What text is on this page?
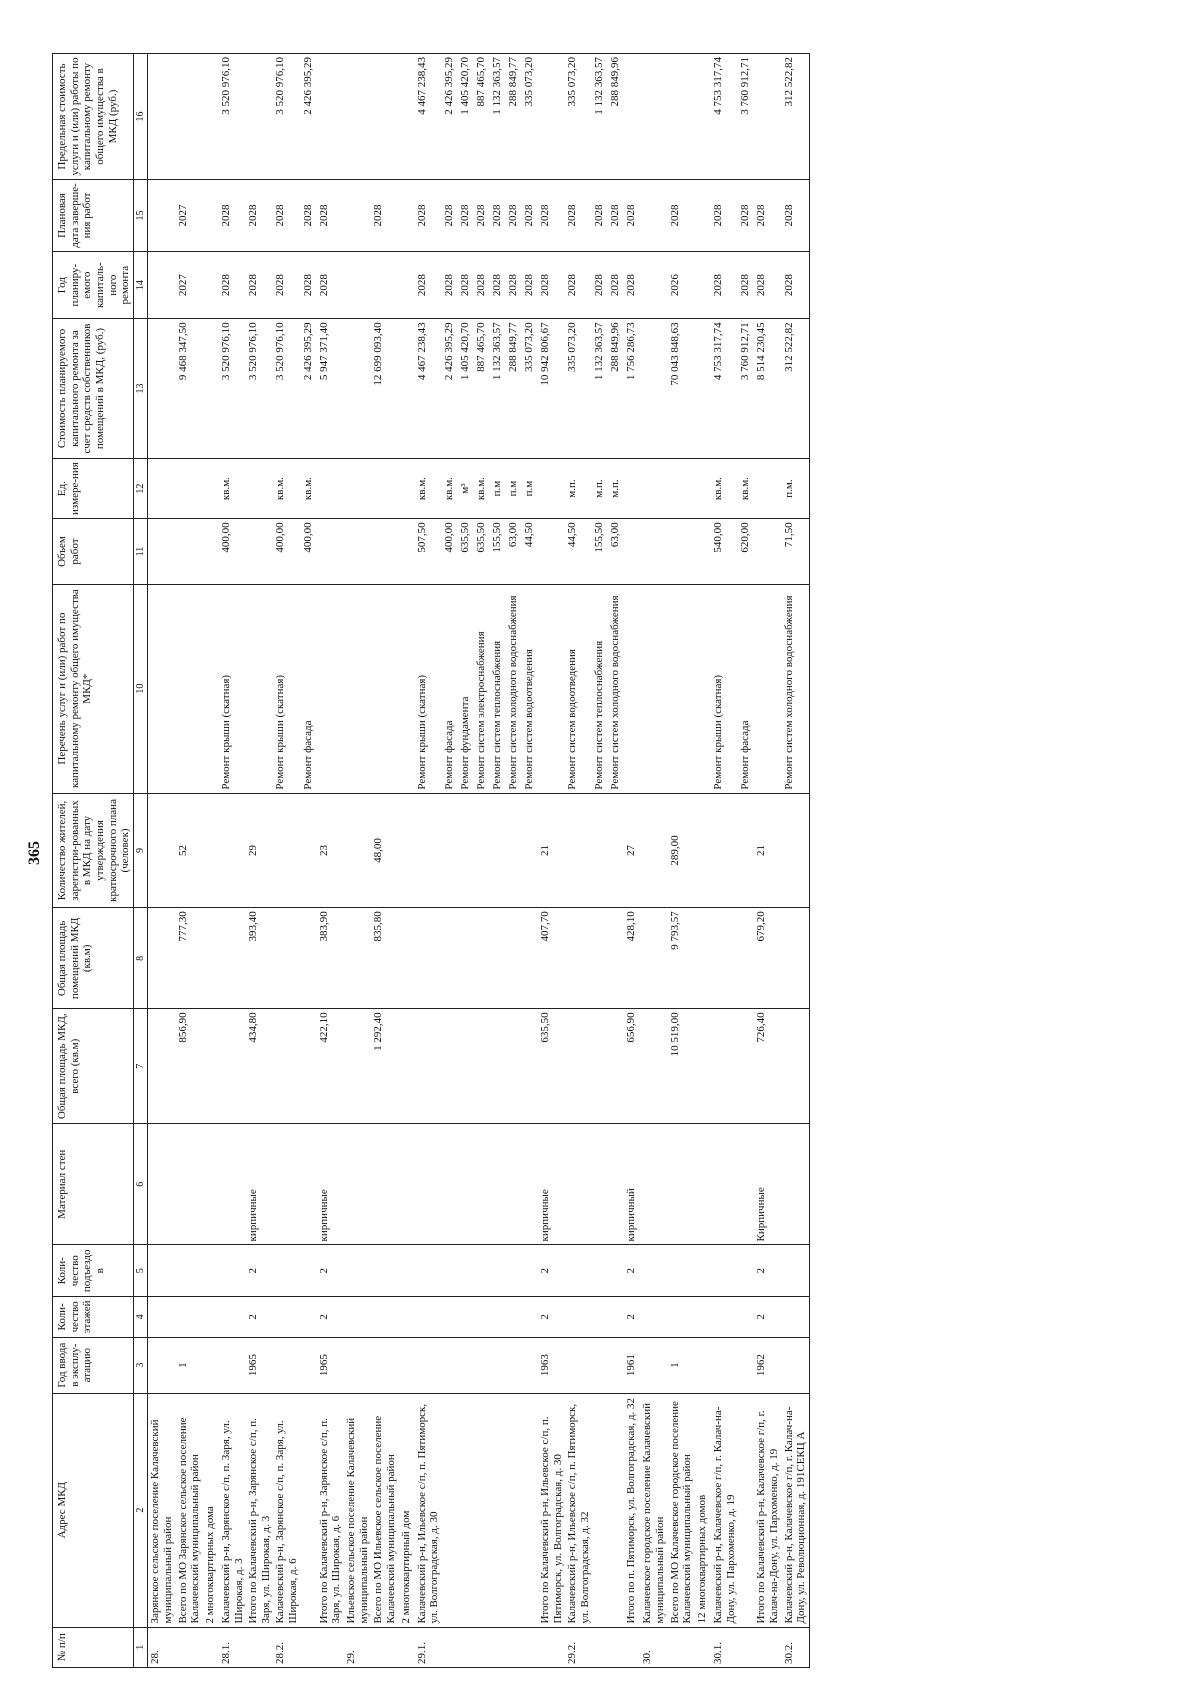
365
№ п/п	Адрес МКД	Год ввода в эксплу-атацию	Коли-чество этажей	Коли-чество подъездов	Материал стен	Общая площадь МКД, всего (кв.м)	Общая площадь помещений МКД (кв.м)	Количество жителей, зарегистри-рованных в МКД на дату утверждения краткосрочного плана (человек)	Перечень услуг и (или) работ по капитальному ремонту общего имущества МКД*	Объем работ	Ед. измере-ния	Стоимость планируемого капитального ремонта за счет средств собственников помещений в МКД, (руб.)	Год планиру-емого капиталь-ного ремонта	Плановая дата заверше-ния работ	Предельная стоимость услуги и (или) работы по капитальному ремонту общего имущества в МКД (руб.)
1	2	3	4	5	6	7	8	9	10	11	12	13	14	15	16
28.	Зарянское сельское поселение Калачевский муниципальный район														
	Всего по МО Зарянское сельское поселение Калачевский муниципальный район	1				856,90	777,30	52				9 468 347,50	2027	2027	
	2 многоквартирных дома														
28.1.	Калачевский р-н, Зарянское с/п, п. Заря, ул. Широкая, д. 3								Ремонт крыши (скатная)	400,00	кв.м.	3 520 976,10	2028	2028	3 520 976,10
	Итого по Калачевский р-н, Зарянское с/п, п. Заря, ул. Широкая, д. 3	1965	2	2	кирпичные	434,80	393,40	29				3 520 976,10	2028	2028	
28.2.	Калачевский р-н, Зарянское с/п, п. Заря, ул. Широкая, д. 6								Ремонт крыши (скатная)	400,00	кв.м.	3 520 976,10	2028	2028	3 520 976,10
									Ремонт фасада	400,00	кв.м.	2 426 395,29	2028	2028	2 426 395,29
	Итого по Калачевский р-н, Зарянское с/п, п. Заря, ул. Широкая, д. 6	1965	2	2	кирпичные	422,10	383,90	23				5 947 371,40	2028	2028	
29.	Ильевское сельское поселение Калачевский муниципальный район														
	Всего по МО Ильевское сельское поселение Калачевский муниципальный район					1 292,40	835,80	48,00				12 699 093,40		2028	
	2 многоквартирный дом														
29.1.	Калачевский р-н, Ильевское с/п, п. Пятиморск, ул. Волгоградская, д. 30								Ремонт крыши (скатная)	507,50	кв.м.	4 467 238,43	2028	2028	4 467 238,43
									Ремонт фасада	400,00	кв.м.	2 426 395,29	2028	2028	2 426 395,29
									Ремонт фундамента	635,50	м³	1 405 420,70	2028	2028	1 405 420,70
									Ремонт систем электроснабжения	635,50	кв.м.	887 465,70	2028	2028	887 465,70
									Ремонт систем теплоснабжения	155,50	п.м	1 132 363,57	2028	2028	1 132 363,57
									Ремонт систем холодного водоснабжения	63,00	п.м	288 849,77	2028	2028	288 849,77
									Ремонт систем водоотведения	44,50	п.м	335 073,20	2028	2028	335 073,20
	Итого по Калачевский р-н, Ильевское с/п, п. Пятиморск, ул. Волгоградская, д. 30	1963	2	2	кирпичные	635,50	407,70	21				10 942 806,67	2028	2028	
29.2.	Калачевский р-н, Ильевское с/п, п. Пятиморск, ул. Волгоградская, д. 32								Ремонт систем водоотведения	44,50	м.п.	335 073,20	2028	2028	335 073,20
									Ремонт систем теплоснабжения	155,50	м.п.	1 132 363,57	2028	2028	1 132 363,57
									Ремонт систем холодного водоснабжения	63,00	м.п.	288 849,96	2028	2028	288 849,96
	Итого по п. Пятиморск, ул. Волгоградская, д. 32	1961	2	2	кирпичный	656,90	428,10	27				1 756 286,73	2028	2028	
30.	Калачевское городское поселение Калачевский муниципальный район														
	Всего по МО Калачевское городское поселение Калачевский муниципальный район	1				10 519,00	9 793,57	289,00				70 043 848,63	2026	2028	
	12 многоквартирных домов														
30.1.	Калачевский р-н, Калачевское г/п, г. Калач-на-Дону, ул. Пархоменко, д. 19								Ремонт крыши (скатная)	540,00	кв.м.	4 753 317,74	2028	2028	4 753 317,74
									Ремонт фасада	620,00	кв.м.	3 760 912,71	2028	2028	3 760 912,71
	Итого по Калачевский р-н, Калачевское г/п, г. Калач-на-Дону, ул. Пархоменко, д. 19	1962	2	2	Кирпичные	726,40	679,20	21				8 514 230,45	2028	2028	
30.2.	Калачевский р-н, Калачевское г/п, г. Калач-на-Дону, ул. Революционная, д. 191СЕКЦ А								Ремонт систем холодного водоснабжения	71,50	п.м.	312 522,82	2028	2028	312 522,82
